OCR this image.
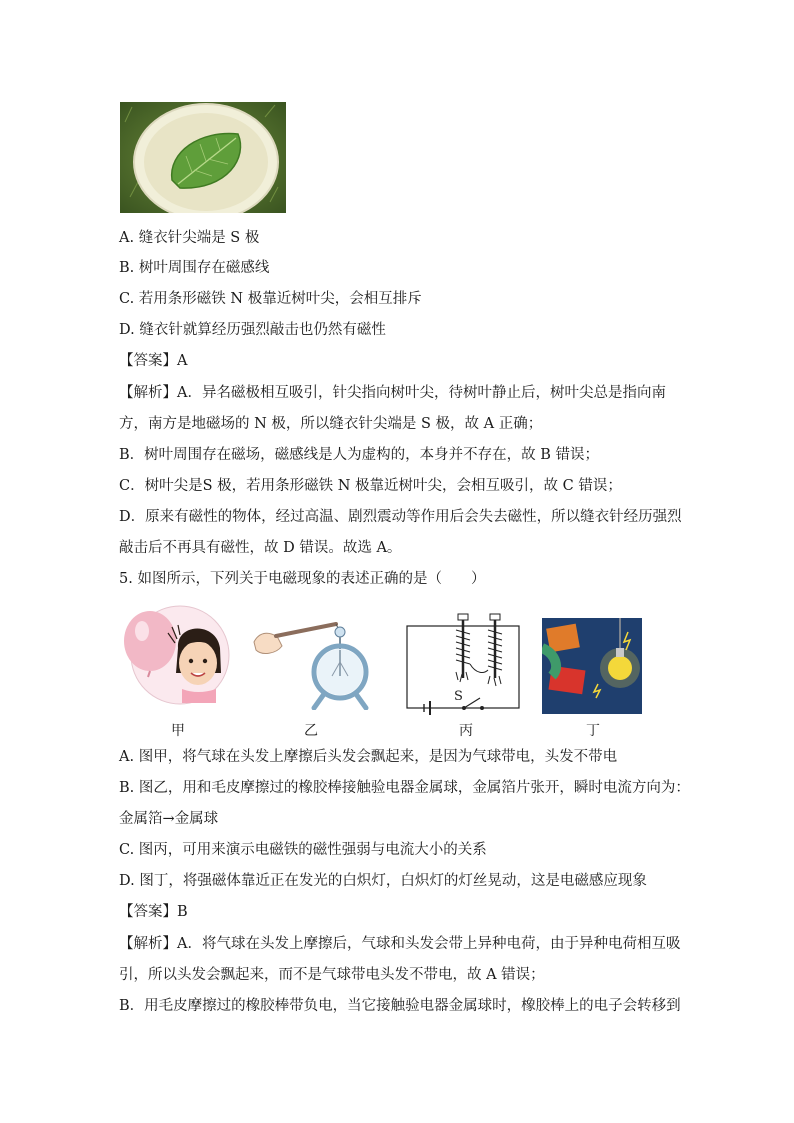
A. 缝衣针尖端是 S 极
B. 树叶周围存在磁感线
C. 若用条形磁铁 N 极靠近树叶尖，会相互排斥
D. 缝衣针就算经历强烈敲击也仍然有磁性
【答案】A
【解析】A．异名磁极相互吸引，针尖指向树叶尖，待树叶静止后，树叶尖总是指向南
方，南方是地磁场的 N 极，所以缝衣针尖端是 S 极，故 A 正确；
B．树叶周围存在磁场，磁感线是人为虚构的，本身并不存在，故 B 错误；
C．树叶尖是S 极，若用条形磁铁 N 极靠近树叶尖，会相互吸引，故 C 错误；
D．原来有磁性的物体，经过高温、剧烈震动等作用后会失去磁性，所以缝衣针经历强烈
敲击后不再具有磁性，故 D 错误。故选 A。
5. 如图所示，下列关于电磁现象的表述正确的是（　　）
S
甲	乙	丙	丁
A. 图甲，将气球在头发上摩擦后头发会飘起来，是因为气球带电，头发不带电
B. 图乙，用和毛皮摩擦过的橡胶棒接触验电器金属球，金属箔片张开，瞬时电流方向为：
金属箔→金属球
C. 图丙，可用来演示电磁铁的磁性强弱与电流大小的关系
D. 图丁，将强磁体靠近正在发光的白炽灯，白炽灯的灯丝晃动，这是电磁感应现象
【答案】B
【解析】A．将气球在头发上摩擦后，气球和头发会带上异种电荷，由于异种电荷相互吸
引，所以头发会飘起来，而不是气球带电头发不带电，故 A 错误；
B．用毛皮摩擦过的橡胶棒带负电，当它接触验电器金属球时，橡胶棒上的电子会转移到
